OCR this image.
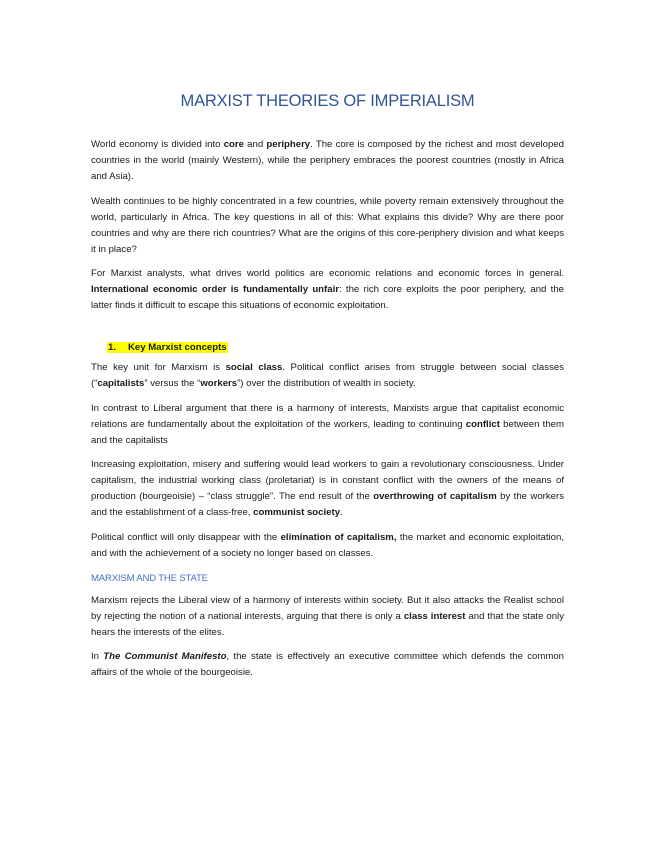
MARXIST THEORIES OF IMPERIALISM

World economy is divided into core and periphery. The core is composed by the richest and most developed countries in the world (mainly Western), while the periphery embraces the poorest countries (mostly in Africa and Asia).

Wealth continues to be highly concentrated in a few countries, while poverty remain extensively throughout the world, particularly in Africa. The key questions in all of this: What explains this divide? Why are there poor countries and why are there rich countries? What are the origins of this core-periphery division and what keeps it in place?

For Marxist analysts, what drives world politics are economic relations and economic forces in general. International economic order is fundamentally unfair: the rich core exploits the poor periphery, and the latter finds it difficult to escape this situations of economic exploitation.

1. Key Marxist concepts

The key unit for Marxism is social class. Political conflict arises from struggle between social classes (“capitalists” versus the “workers”) over the distribution of wealth in society.

In contrast to Liberal argument that there is a harmony of interests, Marxists argue that capitalist economic relations are fundamentally about the exploitation of the workers, leading to continuing conflict between them and the capitalists

Increasing exploitation, misery and suffering would lead workers to gain a revolutionary consciousness. Under capitalism, the industrial working class (proletariat) is in constant conflict with the owners of the means of production (bourgeoisie) – “class struggle”. The end result of the overthrowing of capitalism by the workers and the establishment of a class-free, communist society.

Political conflict will only disappear with the elimination of capitalism, the market and economic exploitation, and with the achievement of a society no longer based on classes.

MARXISM AND THE STATE

Marxism rejects the Liberal view of a harmony of interests within society. But it also attacks the Realist school by rejecting the notion of a national interests, arguing that there is only a class interest and that the state only hears the interests of the elites.

In The Communist Manifesto, the state is effectively an executive committee which defends the common affairs of the whole of the bourgeoisie.
